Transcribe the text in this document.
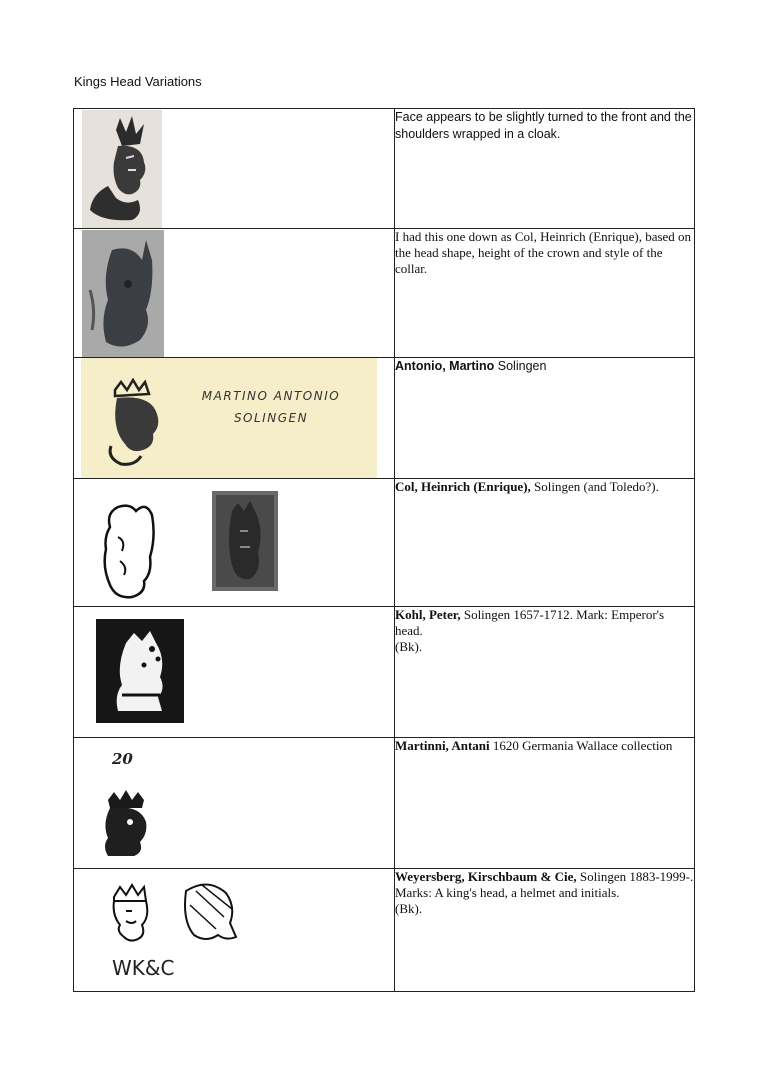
Kings Head Variations
	Face appears to be slightly turned to the front and the shoulders wrapped in a cloak.

	I had this one down as Col, Heinrich (Enrique), based on the head shape, height of the crown and style of the collar.

MARTINO ANTONIO
SOLINGEN	Antonio, Martino Solingen

	Col, Heinrich (Enrique), Solingen (and Toledo?).

	Kohl, Peter, Solingen 1657-1712. Mark: Emperor's head.
(Bk).

20	Martinni, Antani 1620 Germania Wallace collection

WK&C	Weyersberg, Kirschbaum & Cie, Solingen 1883-1999-.
Marks: A king's head, a helmet and initials.
(Bk).
